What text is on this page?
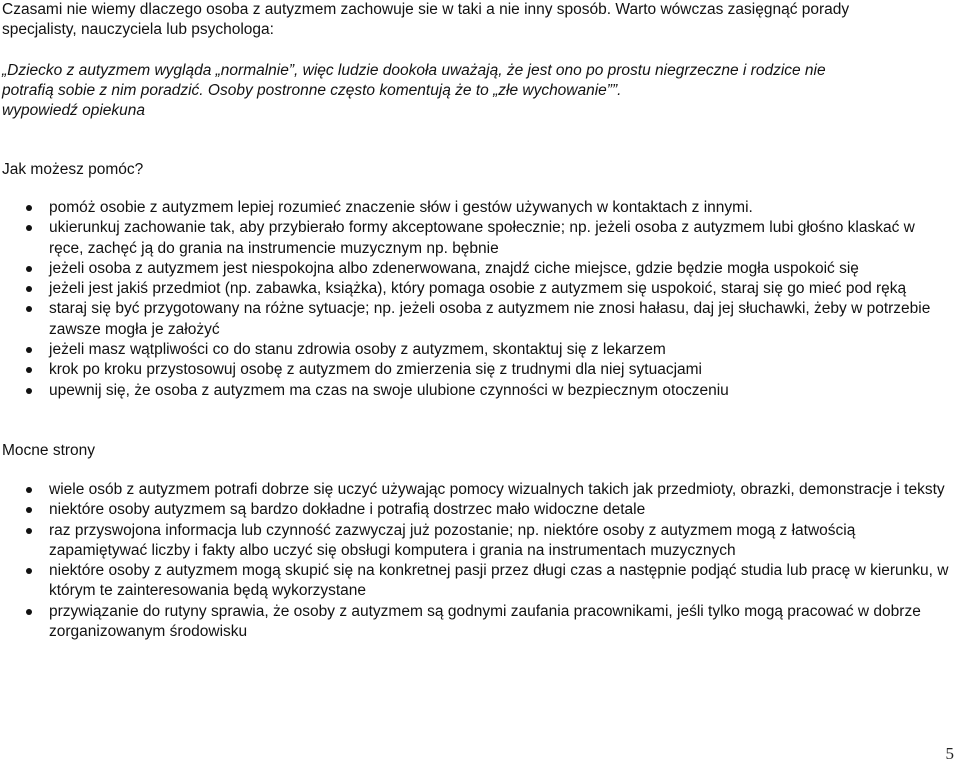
Czasami nie wiemy dlaczego osoba z autyzmem zachowuje sie w taki a nie inny sposób. Warto wówczas zasięgnąć porady
specjalisty, nauczyciela lub psychologa:
„Dziecko z autyzmem wygląda „normalnie”, więc ludzie dookoła uważają, że jest ono po prostu niegrzeczne i rodzice nie
potrafią sobie z nim poradzić. Osoby postronne często komentują że to „złe wychowanie””.
wypowiedź opiekuna
Jak możesz pomóc?
pomóż osobie z autyzmem lepiej rozumieć znaczenie słów i gestów używanych w kontaktach z innymi.
ukierunkuj zachowanie tak, aby przybierało formy akceptowane społecznie; np. jeżeli osoba z autyzmem lubi głośno klaskać w ręce, zachęć ją do grania na instrumencie muzycznym np. bębnie
jeżeli osoba z autyzmem jest niespokojna albo zdenerwowana, znajdź ciche miejsce, gdzie będzie mogła uspokoić się
jeżeli jest jakiś przedmiot (np. zabawka, książka), który pomaga osobie z autyzmem się uspokoić, staraj się go mieć pod ręką
staraj się być przygotowany na różne sytuacje; np. jeżeli osoba z autyzmem nie znosi hałasu, daj jej słuchawki, żeby w potrzebie zawsze mogła je założyć
jeżeli masz wątpliwości co do stanu zdrowia osoby z autyzmem, skontaktuj się z lekarzem
krok po kroku przystosowuj osobę z autyzmem do zmierzenia się z trudnymi dla niej sytuacjami
upewnij się, że osoba z autyzmem ma czas na swoje ulubione czynności w bezpiecznym otoczeniu
Mocne strony
wiele osób z autyzmem potrafi dobrze się uczyć używając pomocy wizualnych takich jak przedmioty, obrazki, demonstracje i teksty
niektóre osoby autyzmem są bardzo dokładne i potrafią dostrzec mało widoczne detale
raz przyswojona informacja lub czynność zazwyczaj już pozostanie; np. niektóre osoby z autyzmem mogą z łatwością zapamiętywać liczby i fakty albo uczyć się obsługi komputera i grania na instrumentach muzycznych
niektóre osoby z autyzmem mogą skupić się na konkretnej pasji przez długi czas a następnie podjąć studia lub pracę w kierunku, w którym te zainteresowania będą wykorzystane
przywiązanie do rutyny sprawia, że osoby z autyzmem są godnymi zaufania pracownikami, jeśli tylko mogą pracować w dobrze zorganizowanym środowisku
5
